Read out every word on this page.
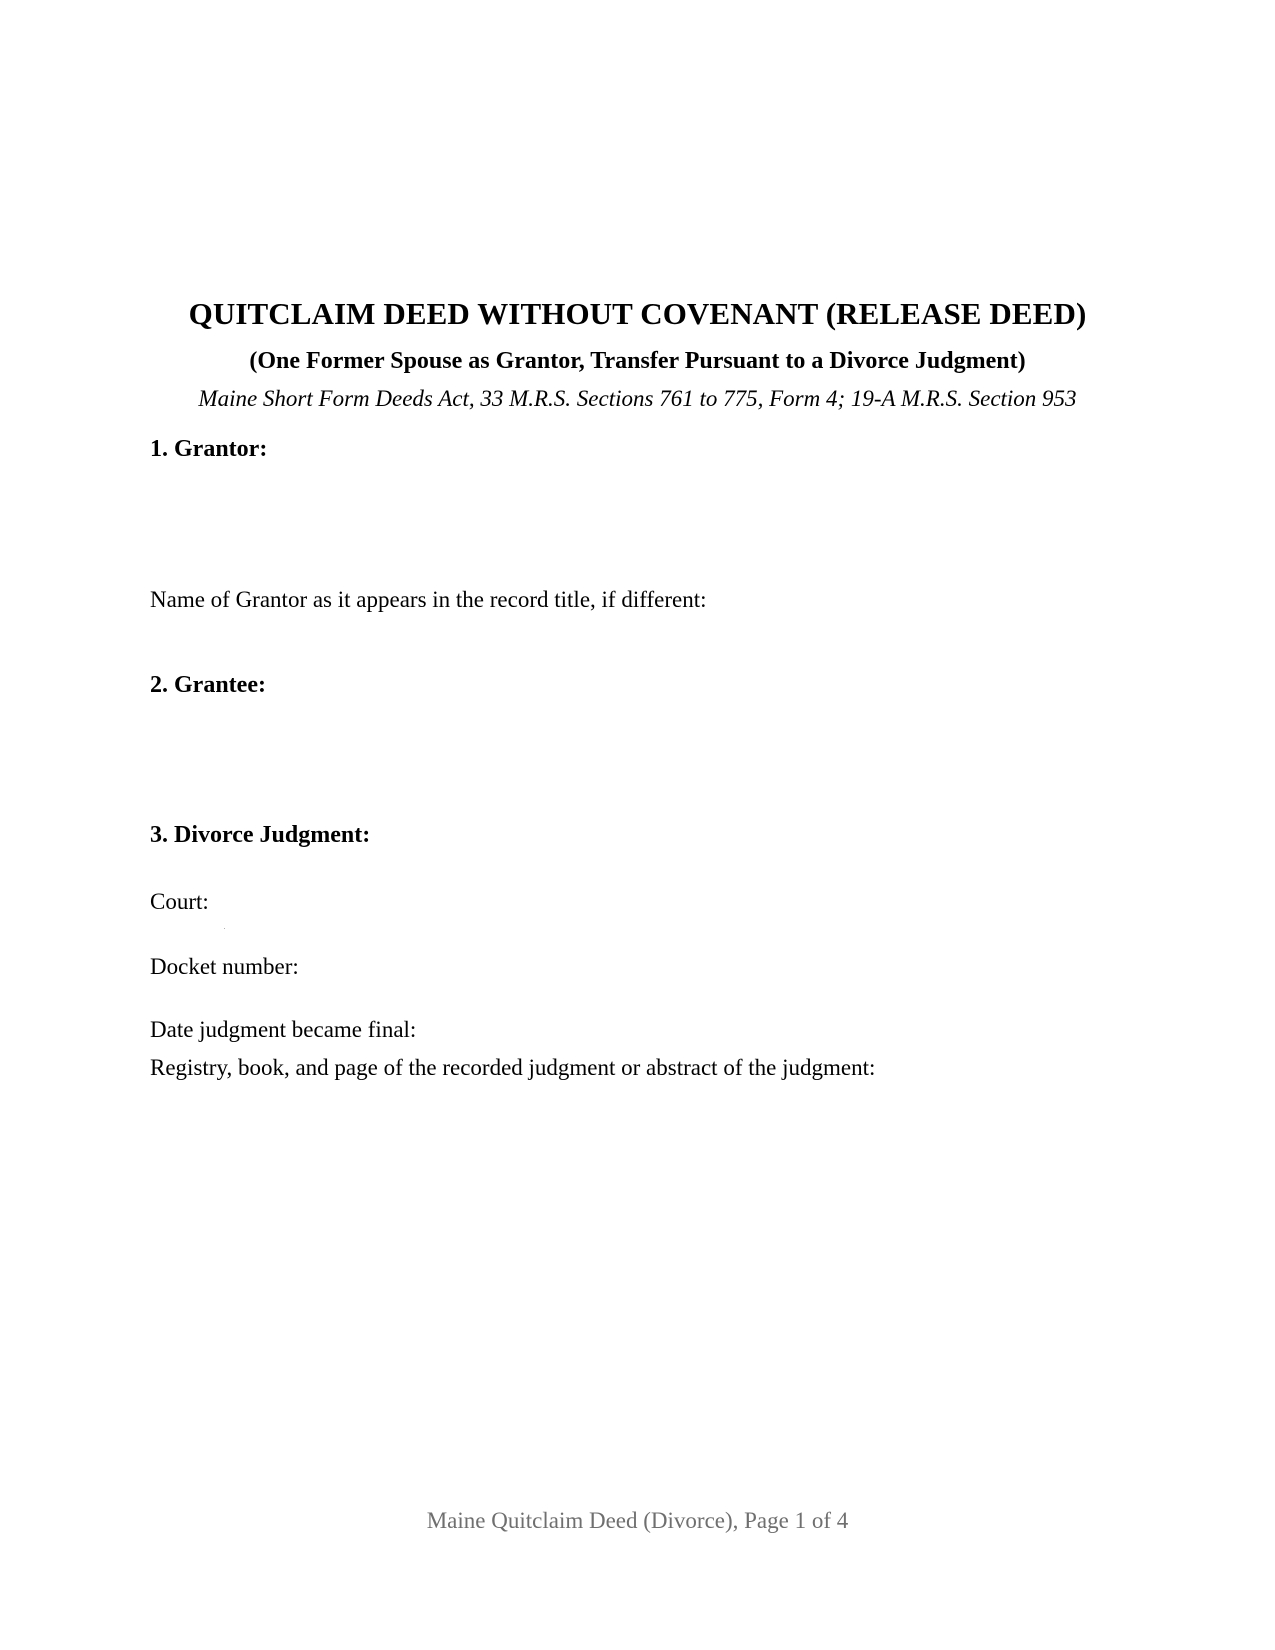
QUITCLAIM DEED WITHOUT COVENANT (RELEASE DEED)
(One Former Spouse as Grantor, Transfer Pursuant to a Divorce Judgment)
Maine Short Form Deeds Act, 33 M.R.S. Sections 761 to 775, Form 4; 19-A M.R.S. Section 953
1. Grantor:
Name of Grantor as it appears in the record title, if different:
2. Grantee:
3. Divorce Judgment:
Court:
Docket number:
Date judgment became final:
Registry, book, and page of the recorded judgment or abstract of the judgment:
Maine Quitclaim Deed (Divorce), Page 1 of 4
